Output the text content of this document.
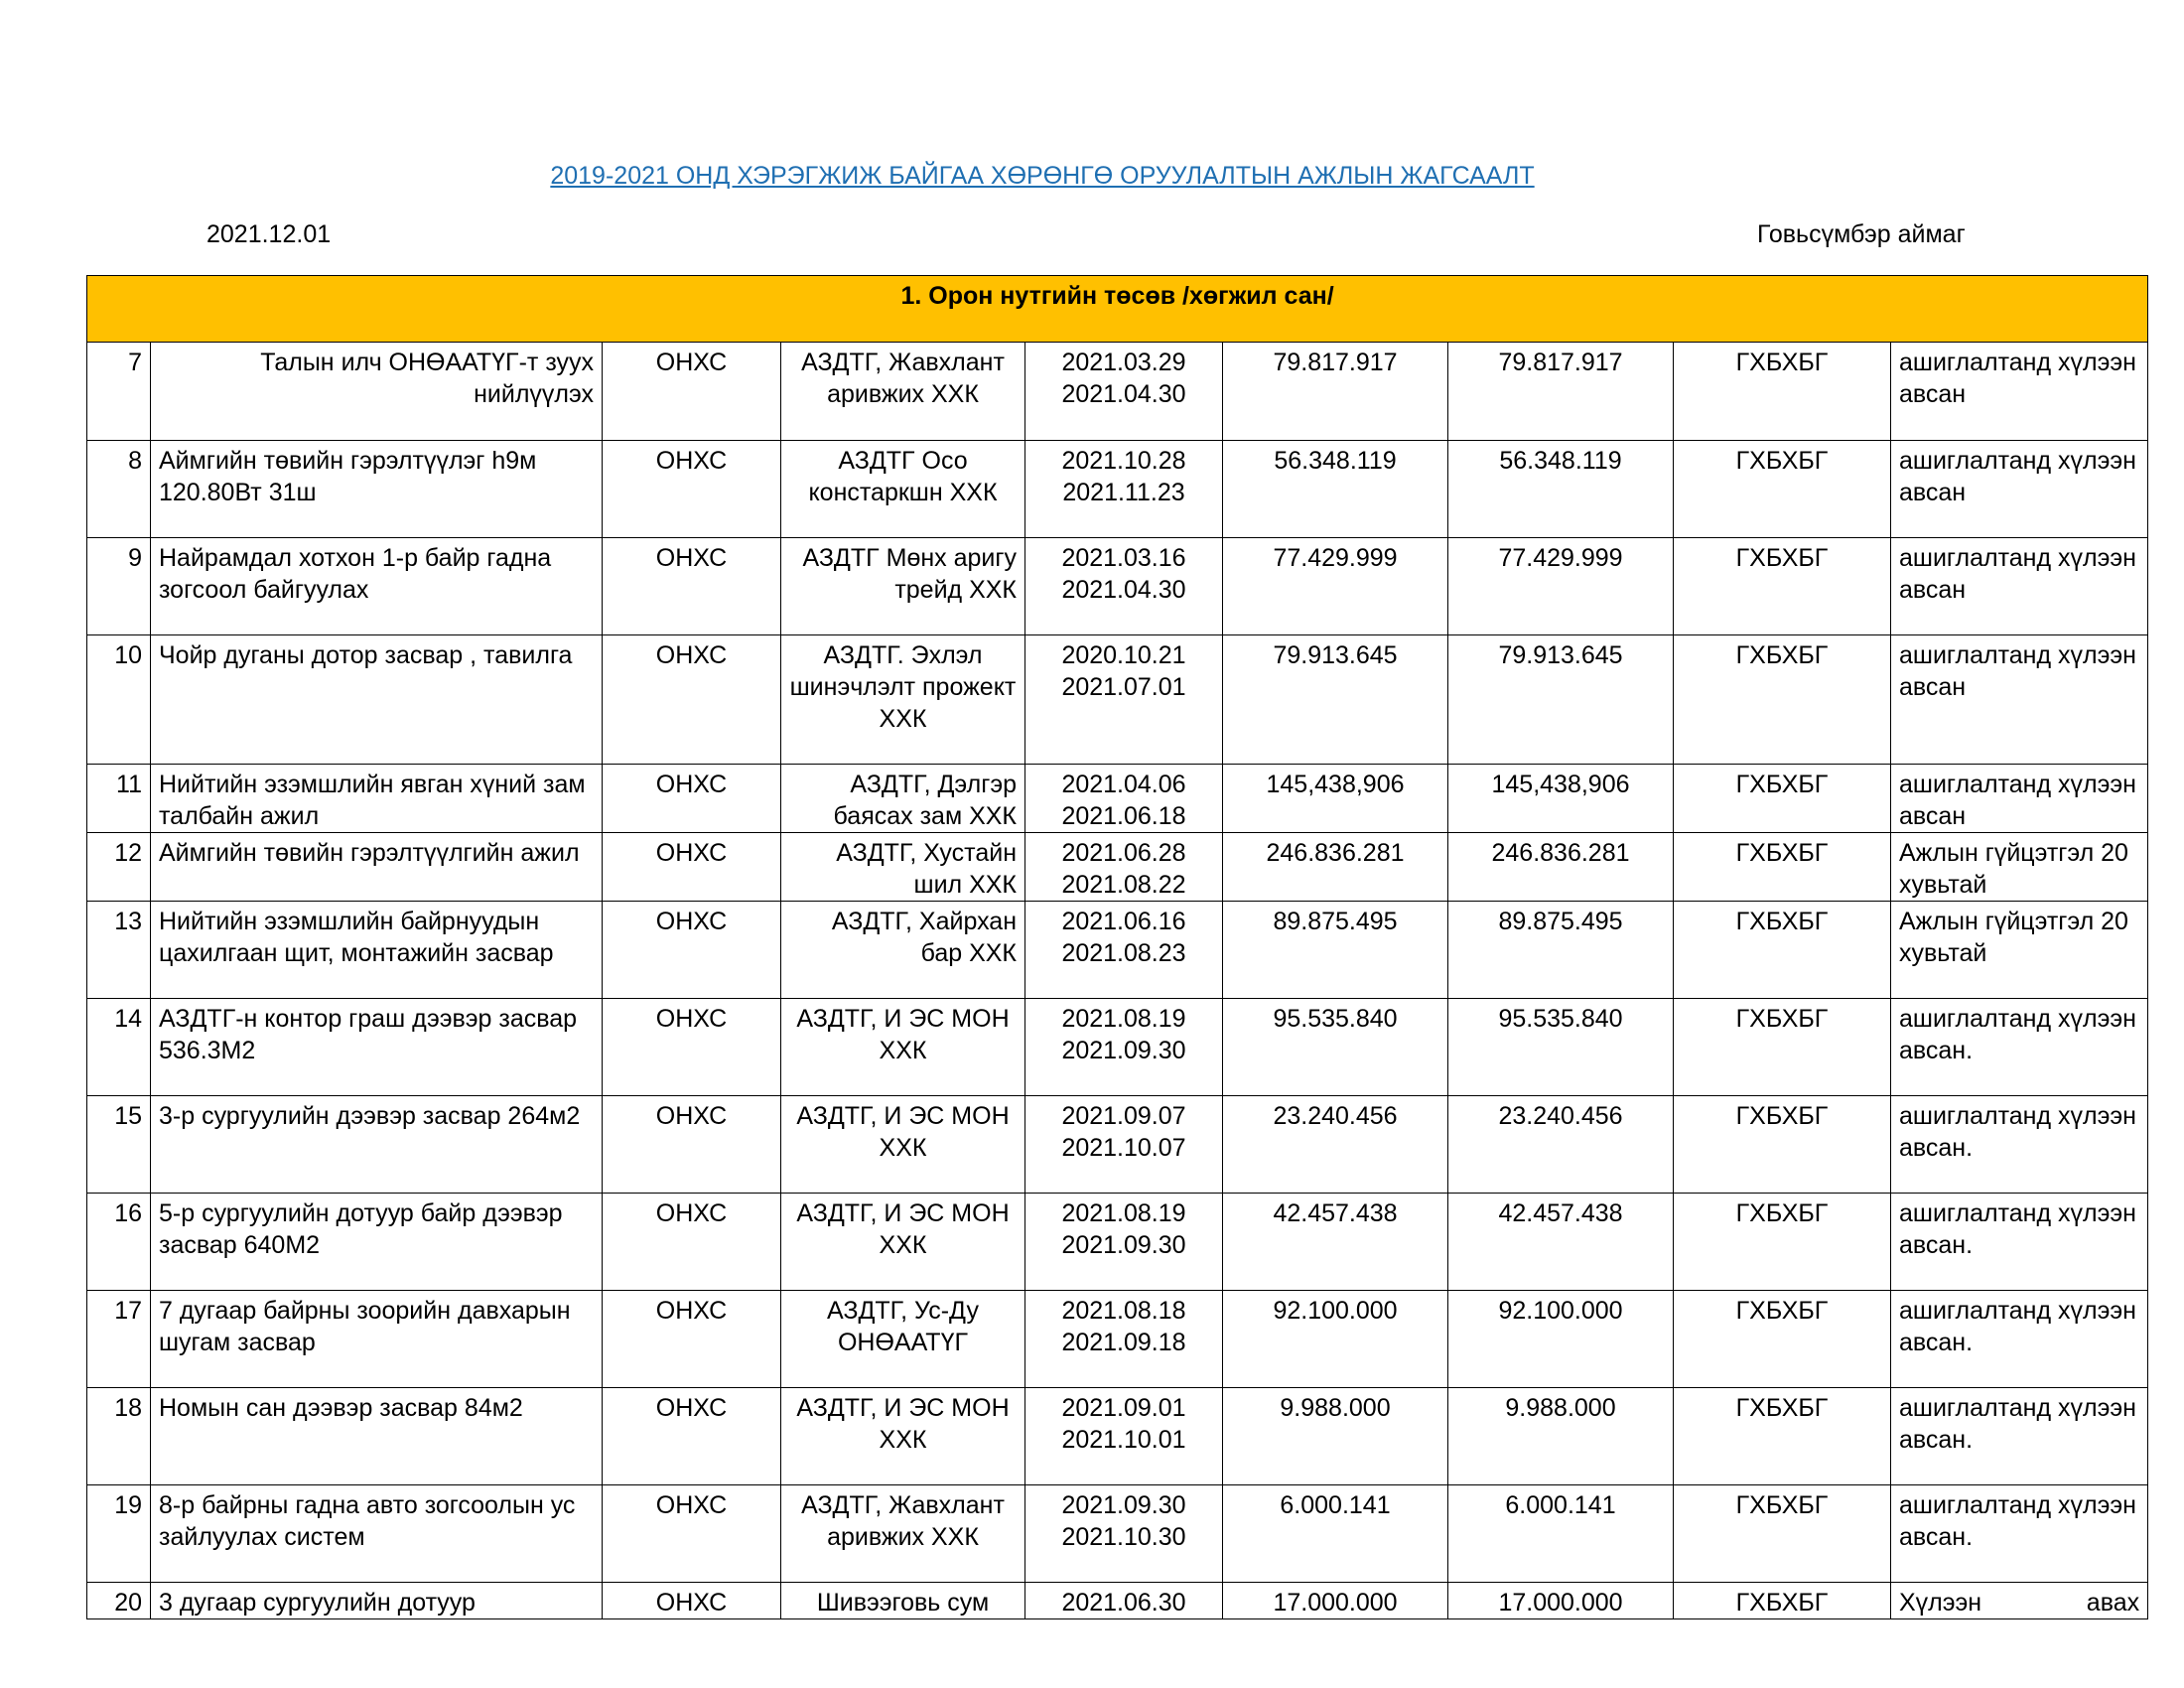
2019-2021 ОНД ХЭРЭГЖИЖ БАЙГАА ХӨРӨНГӨ ОРУУЛАЛТЫН АЖЛЫН ЖАГСААЛТ
2021.12.01	Говьсүмбэр аймаг
1. Орон нутгийн төсөв /хөгжил сан/								

7	Талын илч ОНӨААТҮГ-т зуух нийлүүлэх	ОНХС	АЗДТГ, Жавхлант аривжих ХХК	2021.03.29
2021.04.30	79.817.917	79.817.917	ГХБХБГ	ашиглалтанд хүлээн авсан

8	Аймгийн төвийн гэрэлтүүлэг h9м 120.80Вт 31ш	ОНХС	АЗДТГ Осо констаркшн ХХК	2021.10.28
2021.11.23	56.348.119	56.348.119	ГХБХБГ	ашиглалтанд хүлээн авсан

9	Найрамдал хотхон 1-р байр гадна зогсоол байгуулах	ОНХС	АЗДТГ Мөнх аригу трейд ХХК	2021.03.16
2021.04.30	77.429.999	77.429.999	ГХБХБГ	ашиглалтанд хүлээн авсан

10	Чойр дуганы дотор засвар , тавилга	ОНХС	АЗДТГ. Эхлэл шинэчлэлт прожект ХХК	2020.10.21
2021.07.01	79.913.645	79.913.645	ГХБХБГ	ашиглалтанд хүлээн авсан

11	Нийтийн эзэмшлийн явган хүний зам талбайн ажил	ОНХС	АЗДТГ, Дэлгэр баясах зам ХХК	2021.04.06
2021.06.18	145,438,906	145,438,906	ГХБХБГ	ашиглалтанд хүлээн авсан

12	Аймгийн төвийн гэрэлтүүлгийн ажил	ОНХС	АЗДТГ, Хустайн шил ХХК	2021.06.28
2021.08.22	246.836.281	246.836.281	ГХБХБГ	Ажлын гүйцэтгэл 20 хувьтай

13	Нийтийн эзэмшлийн байрнуудын цахилгаан щит, монтажийн засвар	ОНХС	АЗДТГ, Хайрхан бар ХХК	2021.06.16
2021.08.23	89.875.495	89.875.495	ГХБХБГ	Ажлын гүйцэтгэл 20 хувьтай

14	АЗДТГ-н контор граш дээвэр засвар 536.3М2	ОНХС	АЗДТГ, И ЭС МОН ХХК	2021.08.19
2021.09.30	95.535.840	95.535.840	ГХБХБГ	ашиглалтанд хүлээн авсан.

15	3-р сургуулийн дээвэр засвар 264м2	ОНХС	АЗДТГ, И ЭС МОН ХХК	2021.09.07
2021.10.07	23.240.456	23.240.456	ГХБХБГ	ашиглалтанд хүлээн авсан.

16	5-р сургуулийн дотуур байр дээвэр засвар 640М2	ОНХС	АЗДТГ, И ЭС МОН ХХК	2021.08.19
2021.09.30	42.457.438	42.457.438	ГХБХБГ	ашиглалтанд хүлээн авсан.

17	7 дугаар байрны зоорийн давхарын шугам засвар	ОНХС	АЗДТГ, Ус-Ду ОНӨААТҮГ	2021.08.18
2021.09.18	92.100.000	92.100.000	ГХБХБГ	ашиглалтанд хүлээн авсан.

18	Номын сан дээвэр засвар 84м2	ОНХС	АЗДТГ, И ЭС МОН ХХК	2021.09.01
2021.10.01	9.988.000	9.988.000	ГХБХБГ	ашиглалтанд хүлээн авсан.

19	8-р байрны гадна авто зогсоолын ус зайлуулах систем	ОНХС	АЗДТГ, Жавхлант аривжих ХХК	2021.09.30
2021.10.30	6.000.141	6.000.141	ГХБХБГ	ашиглалтанд хүлээн авсан.

20	3 дугаар сургуулийн дотуур	ОНХС	Шивээговь сум	2021.06.30	17.000.000	17.000.000	ГХБХБГ	Хүлээн авах
